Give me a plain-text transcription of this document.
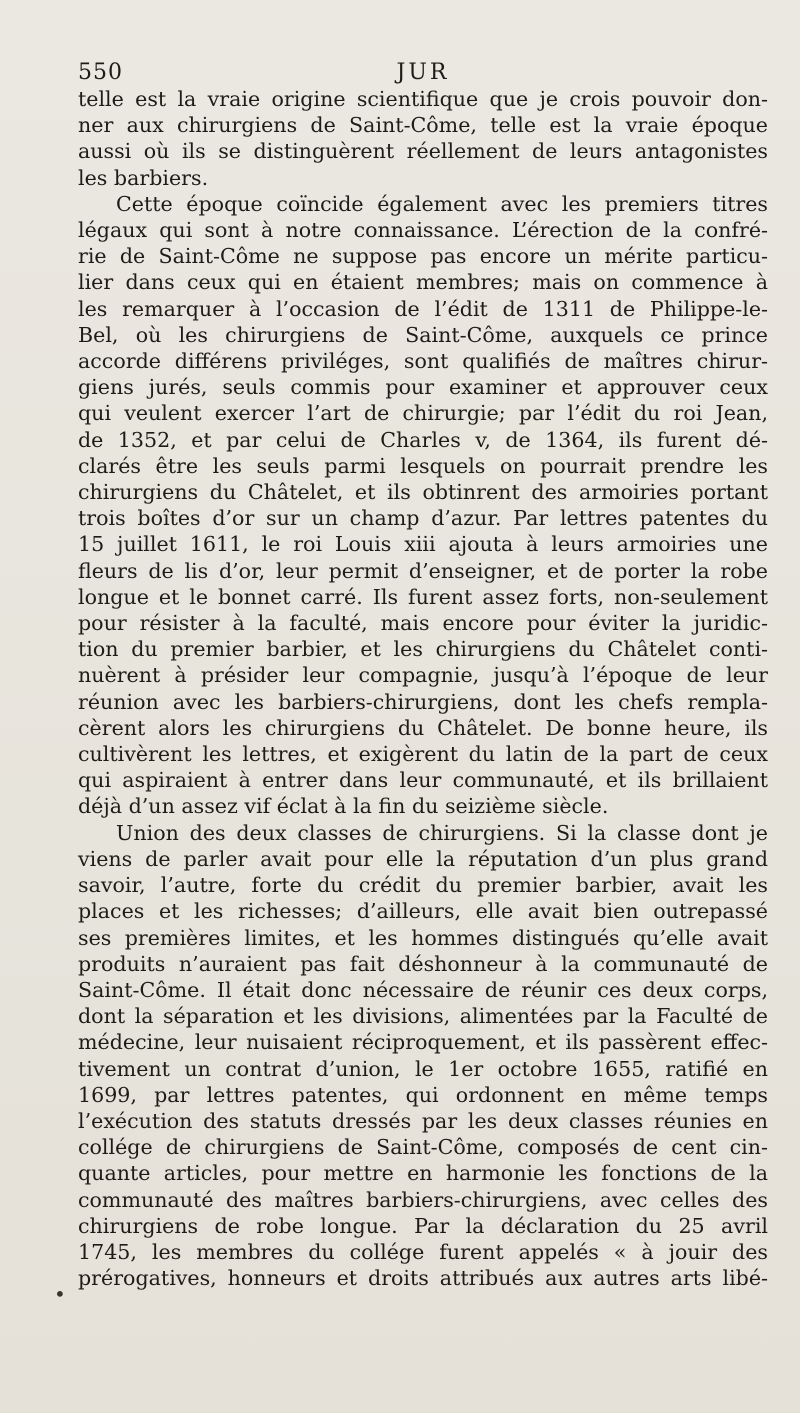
550	JUR
telle est la vraie origine scientifique que je crois pouvoir don-
ner aux chirurgiens de Saint-Côme, telle est la vraie époque
aussi où ils se distinguèrent réellement de leurs antagonistes
les barbiers.
Cette époque coïncide également avec les premiers titres
légaux qui sont à notre connaissance. L’érection de la confré-
rie de Saint-Côme ne suppose pas encore un mérite particu-
lier dans ceux qui en étaient membres; mais on commence à
les remarquer à l’occasion de l’édit de 1311 de Philippe-le-
Bel, où les chirurgiens de Saint-Côme, auxquels ce prince
accorde différens priviléges, sont qualifiés de maîtres chirur-
giens jurés, seuls commis pour examiner et approuver ceux
qui veulent exercer l’art de chirurgie; par l’édit du roi Jean,
de 1352, et par celui de Charles v, de 1364, ils furent dé-
clarés être les seuls parmi lesquels on pourrait prendre les
chirurgiens du Châtelet, et ils obtinrent des armoiries portant
trois boîtes d’or sur un champ d’azur. Par lettres patentes du
15 juillet 1611, le roi Louis xiii ajouta à leurs armoiries une
fleurs de lis d’or, leur permit d’enseigner, et de porter la robe
longue et le bonnet carré. Ils furent assez forts, non-seulement
pour résister à la faculté, mais encore pour éviter la juridic-
tion du premier barbier, et les chirurgiens du Châtelet conti-
nuèrent à présider leur compagnie, jusqu’à l’époque de leur
réunion avec les barbiers-chirurgiens, dont les chefs rempla-
cèrent alors les chirurgiens du Châtelet. De bonne heure, ils
cultivèrent les lettres, et exigèrent du latin de la part de ceux
qui aspiraient à entrer dans leur communauté, et ils brillaient
déjà d’un assez vif éclat à la fin du seizième siècle.
Union des deux classes de chirurgiens. Si la classe dont je
viens de parler avait pour elle la réputation d’un plus grand
savoir, l’autre, forte du crédit du premier barbier, avait les
places et les richesses; d’ailleurs, elle avait bien outrepassé
ses premières limites, et les hommes distingués qu’elle avait
produits n’auraient pas fait déshonneur à la communauté de
Saint-Côme. Il était donc nécessaire de réunir ces deux corps,
dont la séparation et les divisions, alimentées par la Faculté de
médecine, leur nuisaient réciproquement, et ils passèrent effec-
tivement un contrat d’union, le 1er octobre 1655, ratifié en
1699, par lettres patentes, qui ordonnent en même temps
l’exécution des statuts dressés par les deux classes réunies en
collége de chirurgiens de Saint-Côme, composés de cent cin-
quante articles, pour mettre en harmonie les fonctions de la
communauté des maîtres barbiers-chirurgiens, avec celles des
chirurgiens de robe longue. Par la déclaration du 25 avril
1745, les membres du collége furent appelés « à jouir des
prérogatives, honneurs et droits attribués aux autres arts libé-
•
